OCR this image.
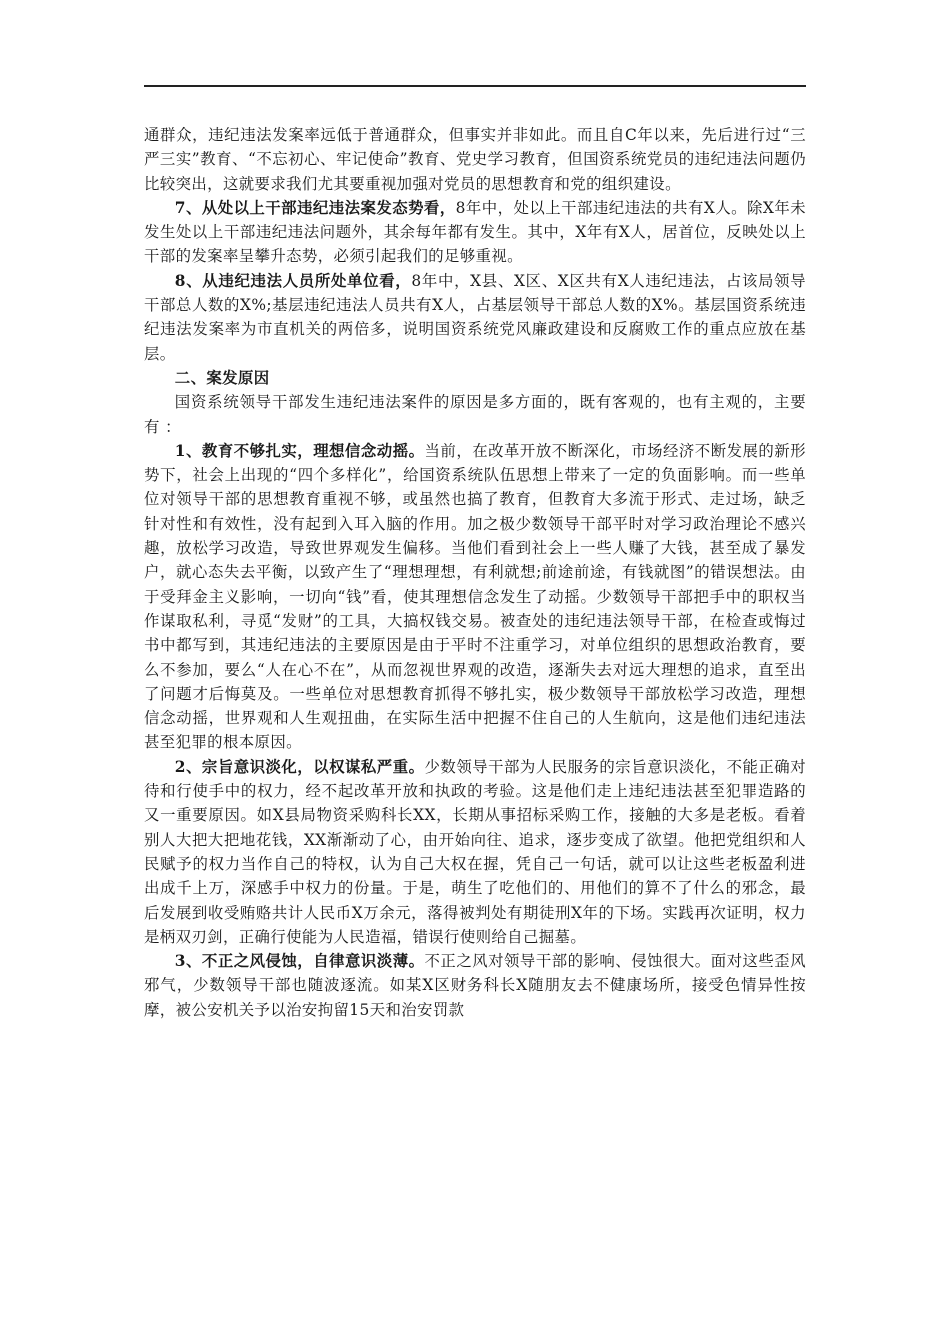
通群众，违纪违法发案率远低于普通群众，但事实并非如此。而且自C年以来，先后进行过“三严三实”教育、“不忘初心、牢记使命”教育、党史学习教育，但国资系统党员的违纪违法问题仍比较突出，这就要求我们尤其要重视加强对党员的思想教育和党的组织建设。

7、从处以上干部违纪违法案发态势看，8年中，处以上干部违纪违法的共有X人。除X年未发生处以上干部违纪违法问题外，其余每年都有发生。其中，X年有X人，居首位，反映处以上干部的发案率呈攀升态势，必须引起我们的足够重视。

8、从违纪违法人员所处单位看，8年中，X县、X区、X区共有X人违纪违法，占该局领导干部总人数的X%;基层违纪违法人员共有X人，占基层领导干部总人数的X%。基层国资系统违纪违法发案率为市直机关的两倍多，说明国资系统党风廉政建设和反腐败工作的重点应放在基层。

二、案发原因

国资系统领导干部发生违纪违法案件的原因是多方面的，既有客观的，也有主观的，主要有 ：

1、教育不够扎实，理想信念动摇。当前，在改革开放不断深化，市场经济不断发展的新形势下，社会上出现的“四个多样化”，给国资系统队伍思想上带来了一定的负面影响。而一些单位对领导干部的思想教育重视不够，或虽然也搞了教育，但教育大多流于形式、走过场，缺乏针对性和有效性，没有起到入耳入脑的作用。加之极少数领导干部平时对学习政治理论不感兴趣，放松学习改造，导致世界观发生偏移。当他们看到社会上一些人赚了大钱，甚至成了暴发户，就心态失去平衡，以致产生了“理想理想，有利就想;前途前途，有钱就图”的错误想法。由于受拜金主义影响，一切向“钱”看，使其理想信念发生了动摇。少数领导干部把手中的职权当作谋取私利，寻觅“发财”的工具，大搞权钱交易。被查处的违纪违法领导干部，在检查或悔过书中都写到，其违纪违法的主要原因是由于平时不注重学习，对单位组织的思想政治教育，要么不参加，要么“人在心不在”，从而忽视世界观的改造，逐渐失去对远大理想的追求，直至出了问题才后悔莫及。一些单位对思想教育抓得不够扎实，极少数领导干部放松学习改造，理想信念动摇，世界观和人生观扭曲，在实际生活中把握不住自己的人生航向，这是他们违纪违法甚至犯罪的根本原因。

2、宗旨意识淡化，以权谋私严重。少数领导干部为人民服务的宗旨意识淡化，不能正确对待和行使手中的权力，经不起改革开放和执政的考验。这是他们走上违纪违法甚至犯罪造路的又一重要原因。如X县局物资采购科长XX，长期从事招标采购工作，接触的大多是老板。看着别人大把大把地花钱，XX渐渐动了心，由开始向往、追求，逐步变成了欲望。他把党组织和人民赋予的权力当作自己的特权，认为自己大权在握，凭自己一句话，就可以让这些老板盈利进出成千上万，深感手中权力的份量。于是，萌生了吃他们的、用他们的算不了什么的邪念，最后发展到收受贿赂共计人民币X万余元，落得被判处有期徒刑X年的下场。实践再次证明，权力是柄双刃剑，正确行使能为人民造福，错误行使则给自己掘墓。

3、不正之风侵蚀，自律意识淡薄。不正之风对领导干部的影响、侵蚀很大。面对这些歪风邪气，少数领导干部也随波逐流。如某X区财务科长X随朋友去不健康场所，接受色情异性按摩，被公安机关予以治安拘留15天和治安罚款
